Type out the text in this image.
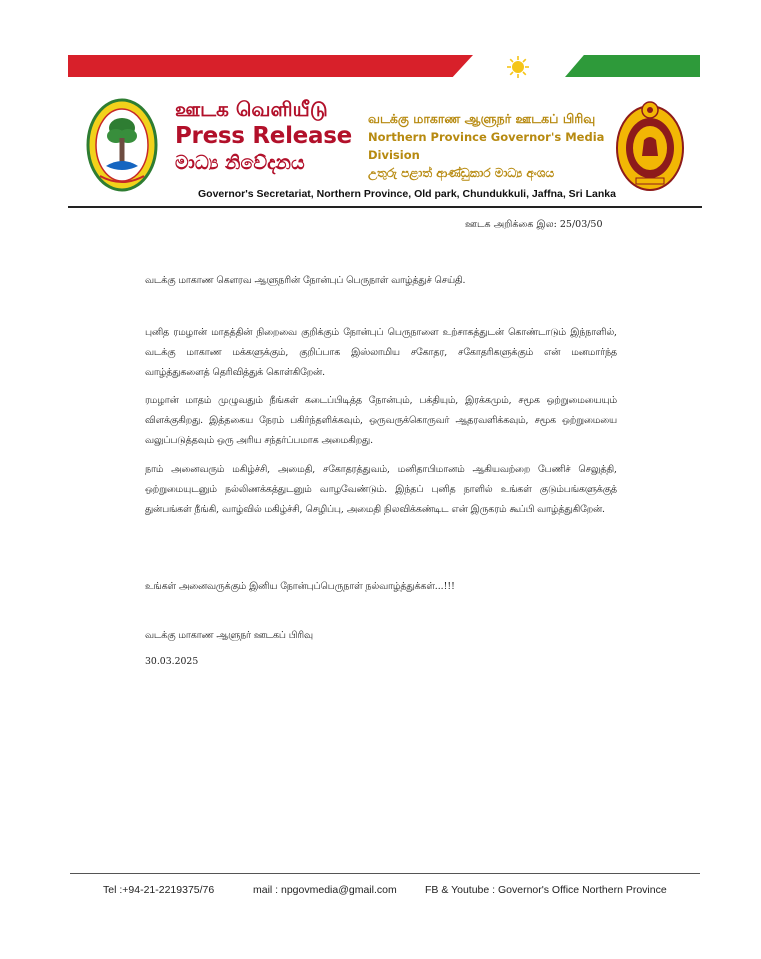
ஊடக வெளியீடு
Press Release
මාධ්‍ය නිවේදනය
வடக்கு மாகாண ஆளுநர் ஊடகப் பிரிவு
Northern Province Governor's Media Division
උතුරු පළාත් ආණ්ඩුකාර මාධ්‍ය අංශය
Governor's Secretariat, Northern Province, Old park, Chundukkuli, Jaffna, Sri Lanka
ஊடக அறிக்கை இல: 25/03/50
வடக்கு மாகாண கௌரவ ஆளுநரின் நோன்புப் பெருநாள் வாழ்த்துச் செய்தி.
புனித ரமழான் மாதத்தின் நிறைவை குறிக்கும் நோன்புப் பெருநாளை உற்சாகத்துடன் கொண்டாடும் இந்நாளில், வடக்கு மாகாண மக்களுக்கும், குறிப்பாக இஸ்லாமிய சகோதர, சகோதரிகளுக்கும் என் மனமார்ந்த வாழ்த்துகளைத் தெரிவித்துக் கொள்கிறேன்.
ரமழான் மாதம் முழுவதும் நீங்கள் கடைப்பிடித்த நோன்பும், பக்தியும், இரக்கமும், சமூக ஒற்றுமையையும் விளக்குகிறது. இத்தகைய நேரம் பகிர்ந்தளிக்கவும், ஒருவருக்கொருவர் ஆதரவளிக்கவும், சமூக ஒற்றுமையை வலுப்படுத்தவும் ஒரு அரிய சந்தர்ப்பமாக அமைகிறது.
நாம் அனைவரும் மகிழ்ச்சி, அமைதி, சகோதரத்துவம், மனிதாபிமானம் ஆகியவற்றை பேணிச் செலுத்தி, ஒற்றுமையுடனும் நல்லிணக்கத்துடனும் வாழவேண்டும். இந்தப் புனித நாளில் உங்கள் குடும்பங்களுக்குத் துன்பங்கள் நீங்கி, வாழ்வில் மகிழ்ச்சி, செழிப்பு, அமைதி நிலவிக்கண்டிட என் இருகரம் கூப்பி வாழ்த்துகிறேன்.
உங்கள் அனைவருக்கும் இனிய நோன்புப்பெருநாள் நல்வாழ்த்துக்கள்...!!!
வடக்கு மாகாண ஆளுநர் ஊடகப் பிரிவு
30.03.2025
Tel :+94-21-2219375/76	mail : npgovmedia@gmail.com	FB & Youtube : Governor's Office Northern Province
